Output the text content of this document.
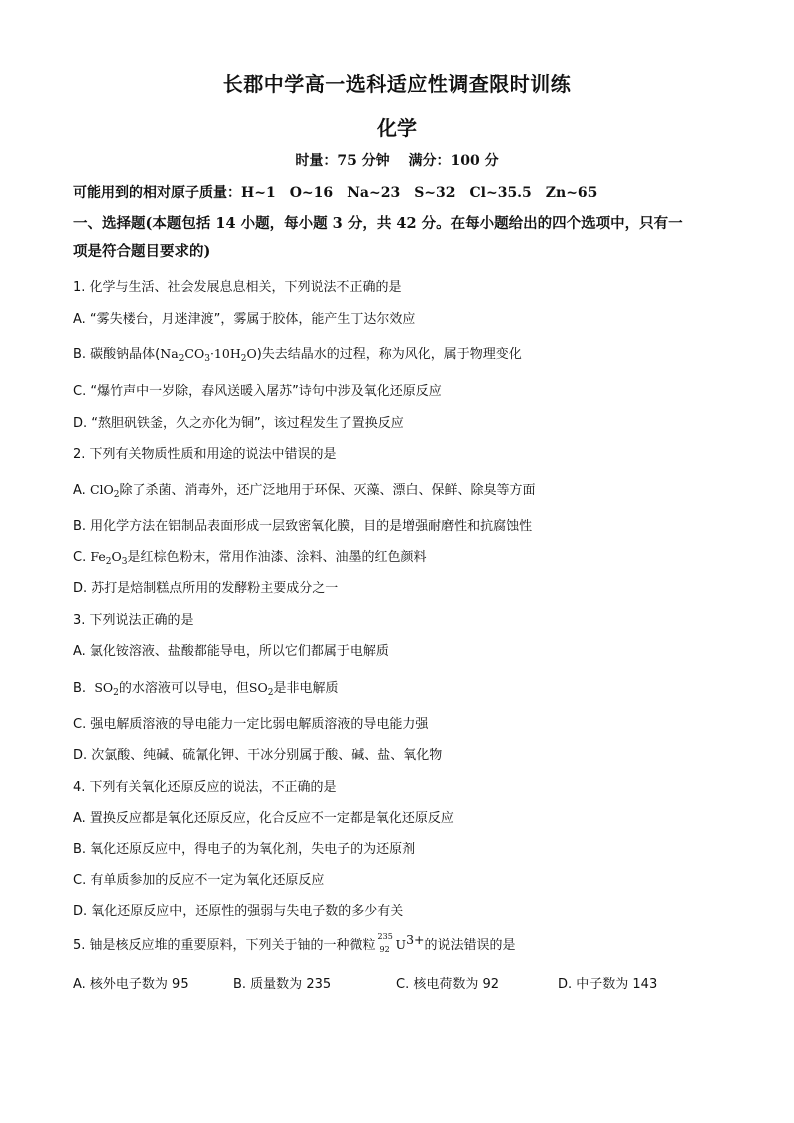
长郡中学高一选科适应性调查限时训练
化学
时量：75 分钟　 满分：100 分
可能用到的相对原子质量：H~1　O~16　Na~23　S~32　Cl~35.5　Zn~65
一、选择题(本题包括 14 小题，每小题 3 分，共 42 分。在每小题给出的四个选项中，只有一
项是符合题目要求的)
1. 化学与生活、社会发展息息相关，下列说法不正确的是
A. “雾失楼台，月迷津渡”，雾属于胶体，能产生丁达尔效应
B. 碳酸钠晶体$(Na_2CO_3\cdot 10H_2O)$失去结晶水的过程，称为风化，属于物理变化
C. “爆竹声中一岁除，春风送暖入屠苏”诗句中涉及氧化还原反应
D. “熬胆矾铁釜，久之亦化为铜”，该过程发生了置换反应
2. 下列有关物质性质和用途的说法中错误的是
A. ClO$_2$除了杀菌、消毒外，还广泛地用于环保、灭藻、漂白、保鲜、除臭等方面
B. 用化学方法在铝制品表面形成一层致密氧化膜，目的是增强耐磨性和抗腐蚀性
C. $Fe_2O_3$是红棕色粉末，常用作油漆、涂料、油墨的红色颜料
D. 苏打是焙制糕点所用的发酵粉主要成分之一
3. 下列说法正确的是
A. 氯化铵溶液、盐酸都能导电，所以它们都属于电解质
B. $SO_2$的水溶液可以导电，但$SO_2$是非电解质
C. 强电解质溶液的导电能力一定比弱电解质溶液的导电能力强
D. 次氯酸、纯碱、硫氰化钾、干冰分别属于酸、碱、盐、氧化物
4. 下列有关氧化还原反应的说法，不正确的是
A. 置换反应都是氧化还原反应，化合反应不一定都是氧化还原反应
B. 氧化还原反应中，得电子的为氧化剂，失电子的为还原剂
C. 有单质参加的反应不一定为氧化还原反应
D. 氧化还原反应中，还原性的强弱与失电子数的多少有关
5. 铀是核反应堆的重要原料，下列关于铀的一种微粒
235
92 $U^{3+}$的说法错误的是
A. 核外电子数为 95	B. 质量数为 235	C. 核电荷数为 92	D. 中子数为 143
